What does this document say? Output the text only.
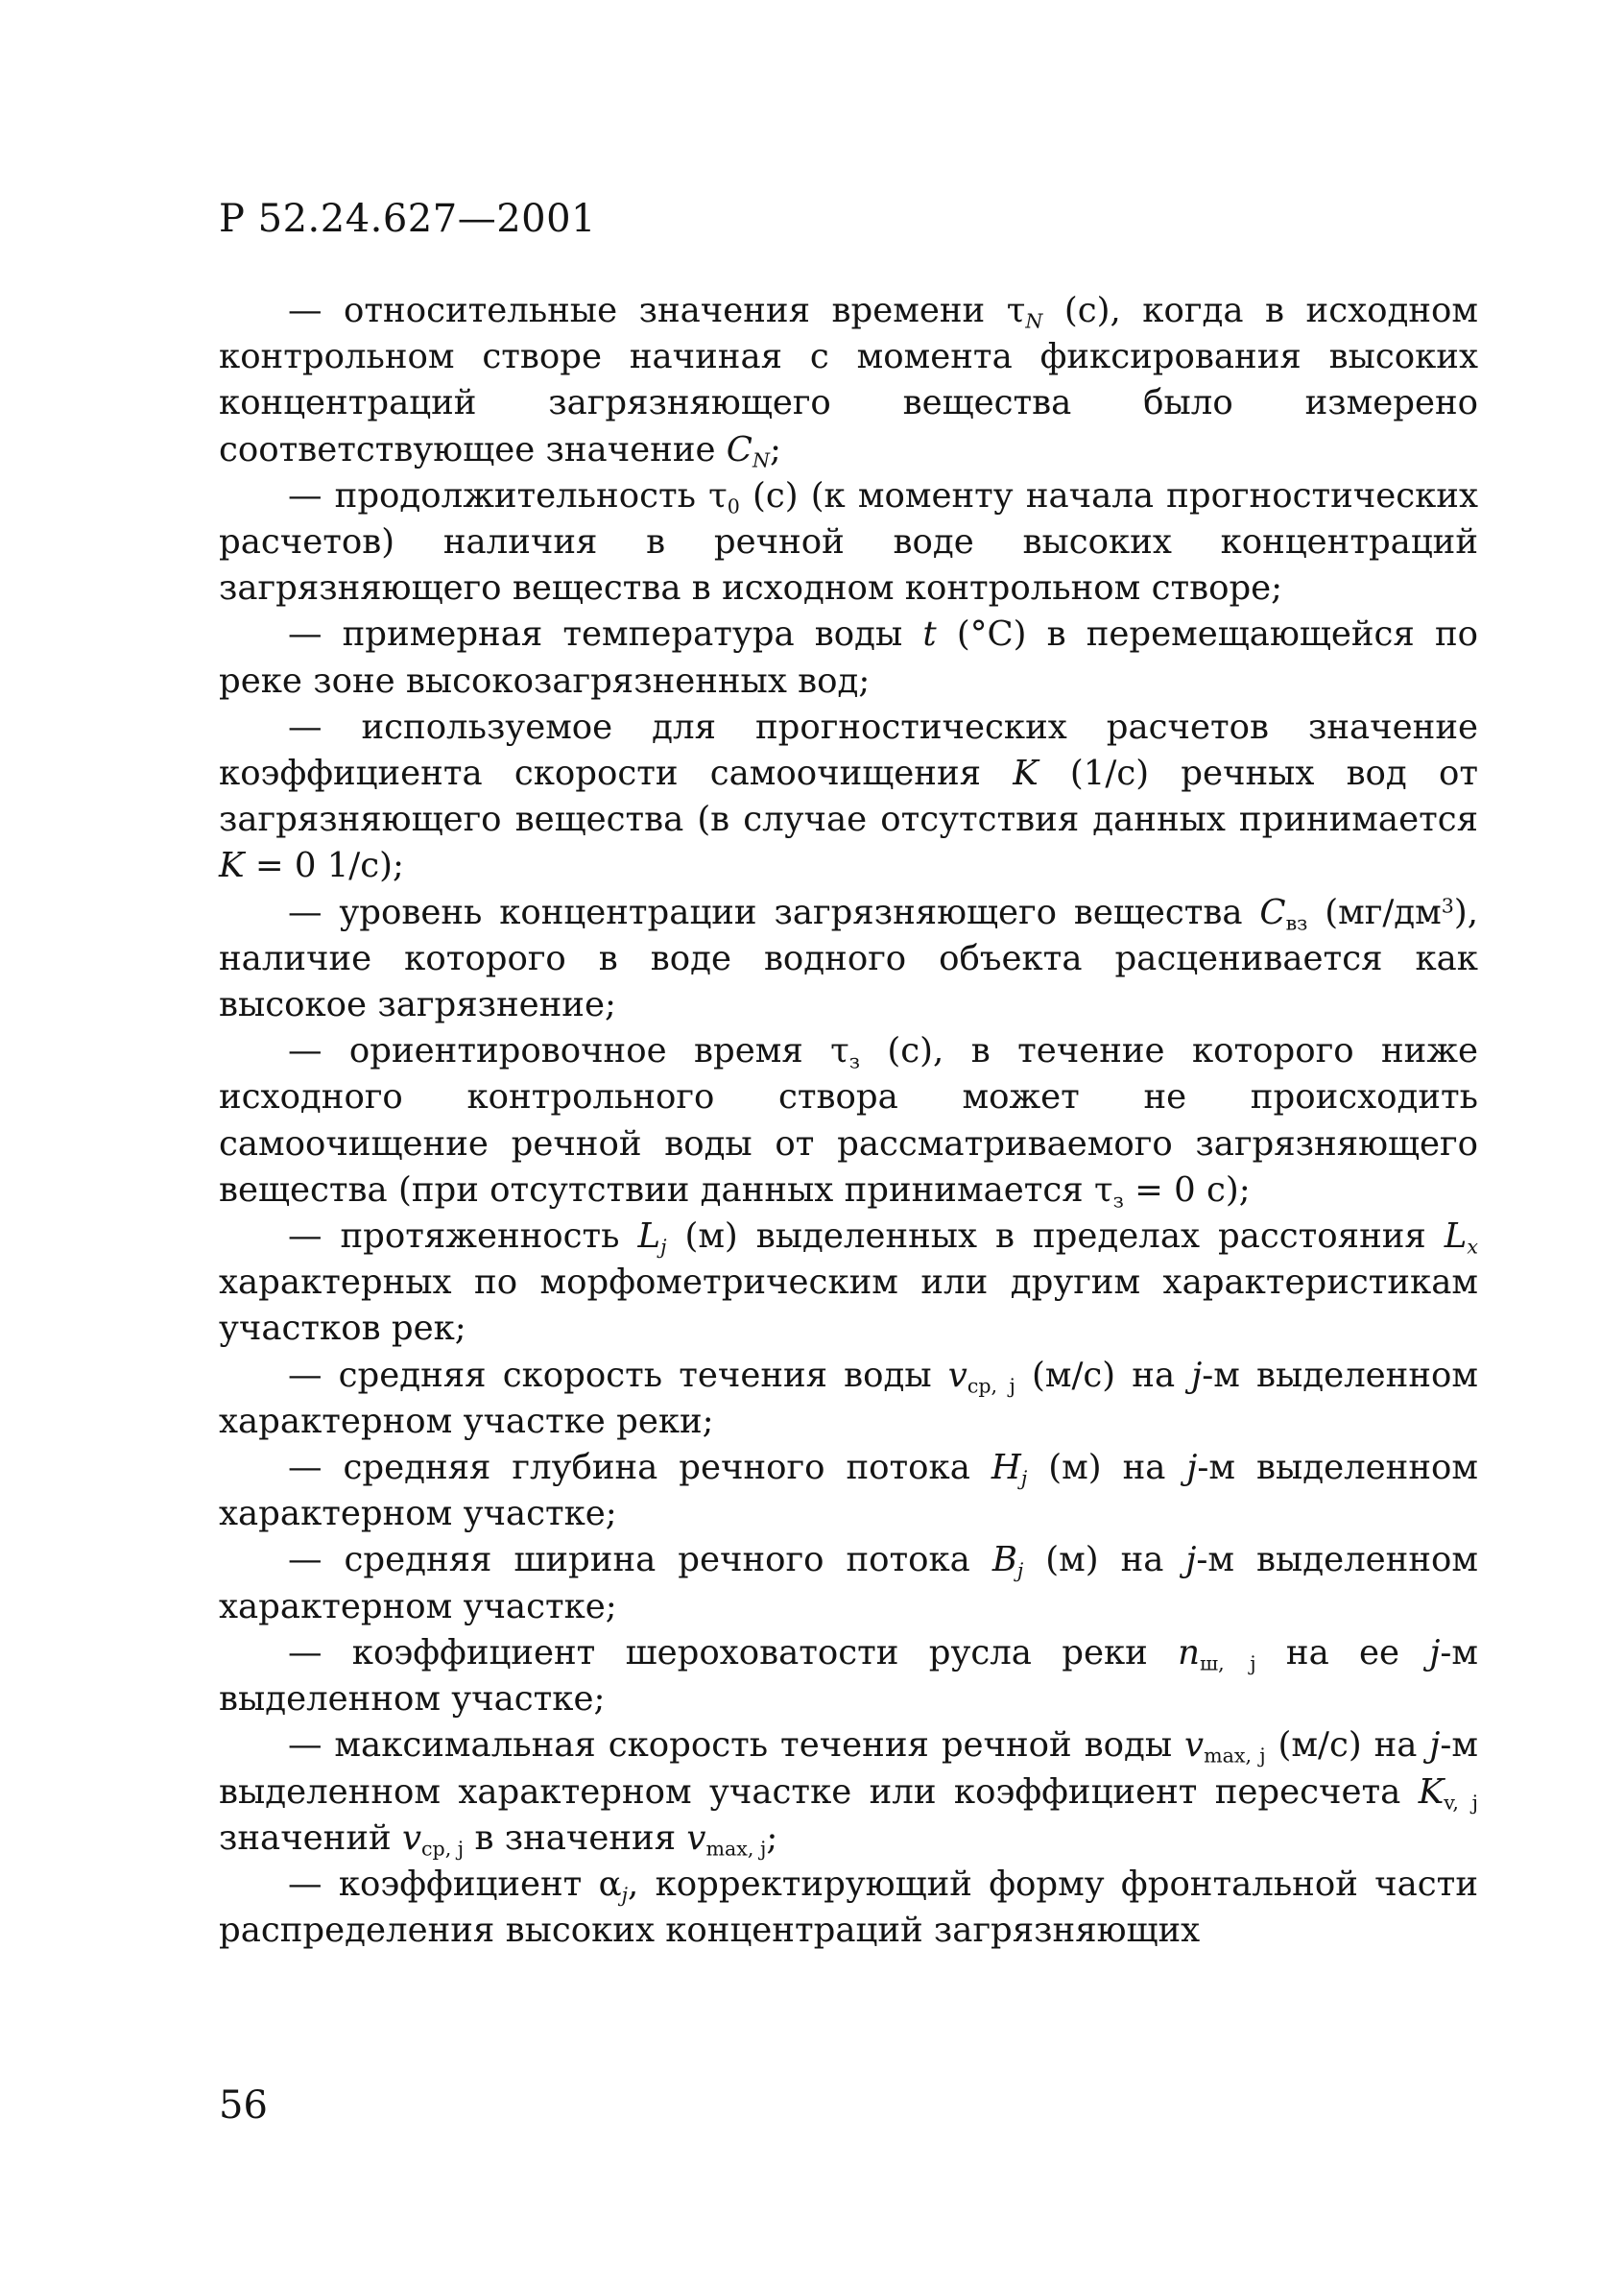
Р 52.24.627—2001

— относительные значения времени $\tau_N$ (с), когда в исходном контрольном створе начиная с момента фиксирования высоких концентраций загрязняющего вещества было измерено соответствующее значение $C_N$;

— продолжительность $\tau_0$ (с) (к моменту начала прогностических расчетов) наличия в речной воде высоких концентраций загрязняющего вещества в исходном контрольном створе;

— примерная температура воды t (°C) в перемещающейся по реке зоне высокозагрязненных вод;

— используемое для прогностических расчетов значение коэффициента скорости самоочищения K (1/с) речных вод от загрязняющего вещества (в случае отсутствия данных принимается K = 0 1/с);

— уровень концентрации загрязняющего вещества $C_{вз}$ $(мг/дм^3)$, наличие которого в воде водного объекта расценивается как высокое загрязнение;

— ориентировочное время $\tau_з$ (с), в течение которого ниже исходного контрольного створа может не происходить самоочищение речной воды от рассматриваемого загрязняющего вещества (при отсутствии данных принимается $\tau_з = 0$ с);

— протяженность $L_j$ (м) выделенных в пределах расстояния $L_x$ характерных по морфометрическим или другим характеристикам участков рек;

— средняя скорость течения воды $v_{ср, j}$ (м/с) на j-м выделенном характерном участке реки;

— средняя глубина речного потока $H_j$ (м) на j-м выделенном характерном участке;

— средняя ширина речного потока $B_j$ (м) на j-м выделенном характерном участке;

— коэффициент шероховатости русла реки $n_{ш, j}$ на ее j-м выделенном участке;

— максимальная скорость течения речной воды $v_{max, j}$ (м/с) на j-м выделенном характерном участке или коэффициент пересчета $K_{v, j}$ значений $v_{ср, j}$ в значения $v_{max, j}$;

— коэффициент $\alpha_j$, корректирующий форму фронтальной части распределения высоких концентраций загрязняющих

56
